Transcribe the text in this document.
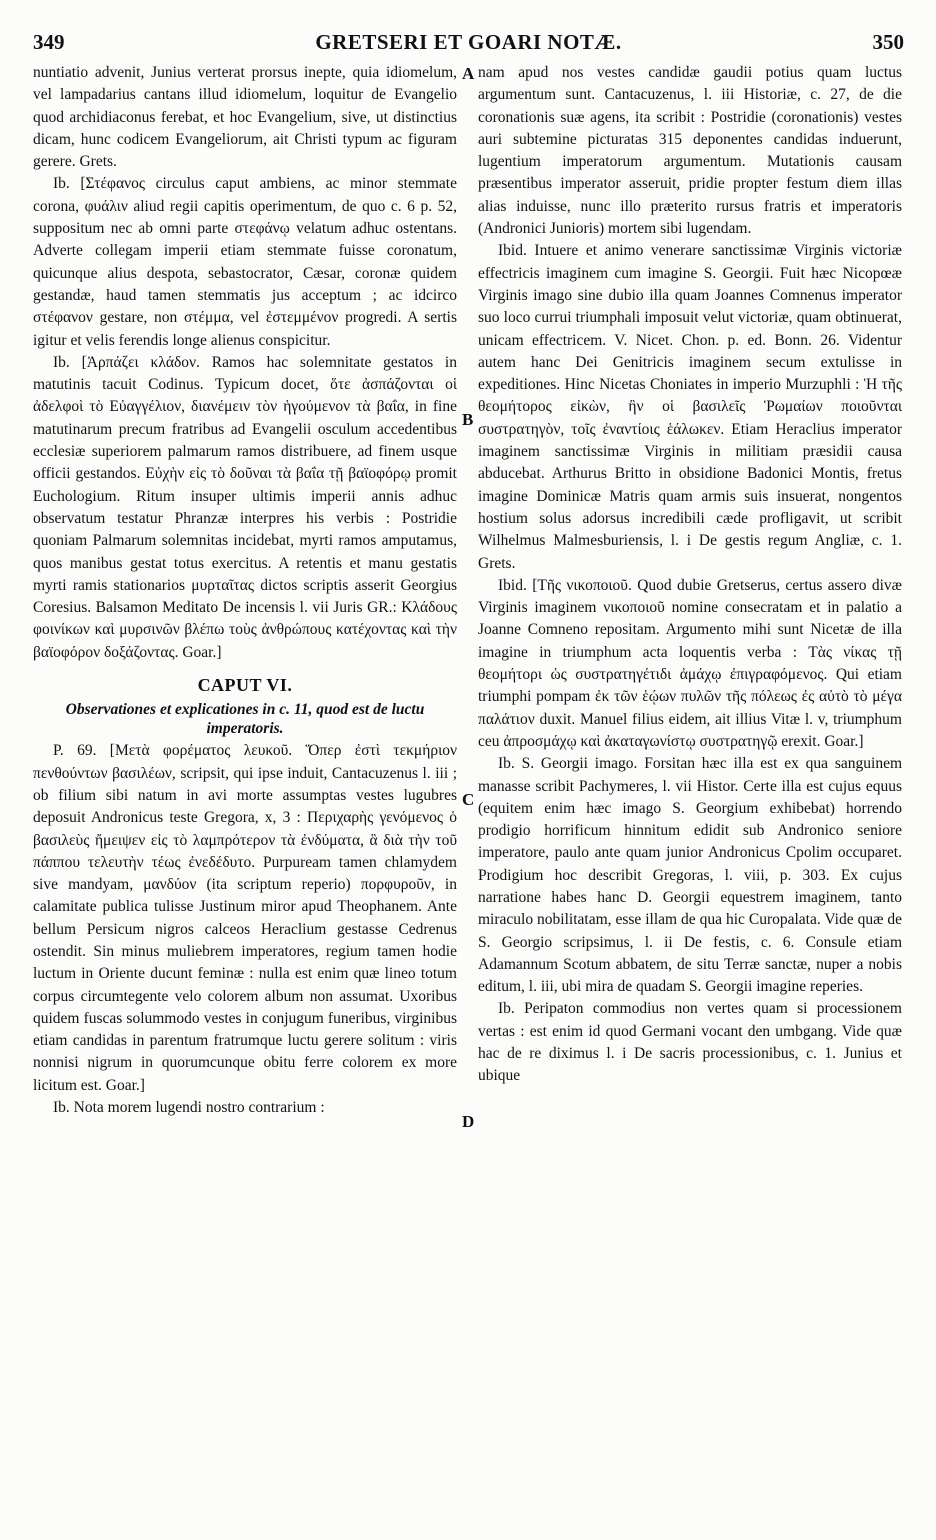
349	GRETSERI ET GOARI NOTÆ.	350

nuntiatio advenit, Junius verterat prorsus inepte, quia idiomelum, vel lampadarius cantans illud idiomelum, loquitur de Evangelio quod archidiaconus ferebat, et hoc Evangelium, sive, ut distinctius dicam, hunc codicem Evangeliorum, ait Christi typum ac figuram gerere. Grets.

Ib. [Στέφανος circulus caput ambiens, ac minor stemmate corona, φυάλιν aliud regii capitis operimentum, de quo c. 6 p. 52, suppositum nec ab omni parte στεφάνῳ velatum adhuc ostentans. Adverte collegam imperii etiam stemmate fuisse coronatum, quicunque alius despota, sebastocrator, Cæsar, coronæ quidem gestandæ, haud tamen stemmatis jus acceptum ; ac idcirco στέφανον gestare, non στέμμα, vel ἐστεμμένον progredi. A sertis igitur et velis ferendis longe alienus conspicitur.

Ib. [Ἀρπάζει κλάδον. Ramos hac solemnitate gestatos in matutinis tacuit Codinus. Typicum docet, ὅτε ἀσπάζονται οἱ ἀδελφοὶ τὸ Εὐαγγέλιον, διανέμειν τὸν ἡγούμενον τὰ βαΐα, in fine matutinarum precum fratribus ad Evangelii osculum accedentibus ecclesiæ superiorem palmarum ramos distribuere, ad finem usque officii gestandos. Εὐχὴν εἰς τὸ δοῦναι τὰ βαΐα τῇ βαϊοφόρῳ promit Euchologium. Ritum insuper ultimis imperii annis adhuc observatum testatur Phranzæ interpres his verbis : Postridie quoniam Palmarum solemnitas incidebat, myrti ramos amputamus, quos manibus gestat totus exercitus. A retentis et manu gestatis myrti ramis stationarios μυρταῖτας dictos scriptis asserit Georgius Coresius. Balsamon Meditato De incensis l. vii Juris GR.: Κλάδους φοινίκων καὶ μυρσινῶν βλέπω τοὺς ἀνθρώπους κατέχοντας καὶ τὴν βαϊοφόρον δοξάζοντας. Goar.]

CAPUT VI.
Observationes et explicationes in c. 11, quod est de luctu imperatoris.

P. 69. [Μετὰ φορέματος λευκοῦ. Ὅπερ ἐστὶ τεκμήριον πενθούντων βασιλέων, scripsit, qui ipse induit, Cantacuzenus l. iii ; ob filium sibi natum in avi morte assumptas vestes lugubres deposuit Andronicus teste Gregora, x, 3 : Περιχαρὴς γενόμενος ὁ βασιλεὺς ἤμειψεν εἰς τὸ λαμπρότερον τὰ ἐνδύματα, ἃ διὰ τὴν τοῦ πάππου τελευτὴν τέως ἐνεδέδυτο. Purpuream tamen chlamydem sive mandyam, μανδύον (ita scriptum reperio) πορφυροῦν, in calamitate publica tulisse Justinum miror apud Theophanem. Ante bellum Persicum nigros calceos Heraclium gestasse Cedrenus ostendit. Sin minus muliebrem imperatores, regium tamen hodie luctum in Oriente ducunt feminæ : nulla est enim quæ lineo totum corpus circumtegente velo colorem album non assumat. Uxoribus quidem fuscas solummodo vestes in conjugum funeribus, virginibus etiam candidas in parentum fratrumque luctu gerere solitum : viris nonnisi nigrum in quorumcunque obitu ferre colorem ex more licitum est. Goar.]

Ib. Nota morem lugendi nostro contrarium :

A
B
C
D

nam apud nos vestes candidæ gaudii potius quam luctus argumentum sunt. Cantacuzenus, l. iii Historiæ, c. 27, de die coronationis suæ agens, ita scribit : Postridie (coronationis) vestes auri subtemine picturatas 315 deponentes candidas induerunt, lugentium imperatorum argumentum. Mutationis causam præsentibus imperator asseruit, pridie propter festum diem illas alias induisse, nunc illo præterito rursus fratris et imperatoris (Andronici Junioris) mortem sibi lugendam.

Ibid. Intuere et animo venerare sanctissimæ Virginis victoriæ effectricis imaginem cum imagine S. Georgii. Fuit hæc Nicopœæ Virginis imago sine dubio illa quam Joannes Comnenus imperator suo loco currui triumphali imposuit velut victoriæ, quam obtinuerat, unicam effectricem. V. Nicet. Chon. p. ed. Bonn. 26. Videntur autem hanc Dei Genitricis imaginem secum extulisse in expeditiones. Hinc Nicetas Choniates in imperio Murzuphli : Ἡ τῆς θεομήτορος εἰκὼν, ἣν οἱ βασιλεῖς Ῥωμαίων ποιοῦνται συστρατηγὸν, τοῖς ἐναντίοις ἑάλωκεν. Etiam Heraclius imperator imaginem sanctissimæ Virginis in militiam præsidii causa abducebat. Arthurus Britto in obsidione Badonici Montis, fretus imagine Dominicæ Matris quam armis suis insuerat, nongentos hostium solus adorsus incredibili cæde profligavit, ut scribit Wilhelmus Malmesburiensis, l. i De gestis regum Angliæ, c. 1. Grets.

Ibid. [Τῆς νικοποιοῦ. Quod dubie Gretserus, certus assero divæ Virginis imaginem νικοποιοῦ nomine consecratam et in palatio a Joanne Comneno repositam. Argumento mihi sunt Nicetæ de illa imagine in triumphum acta loquentis verba : Τὰς νίκας τῇ θεομήτορι ὡς συστρατηγέτιδι ἀμάχῳ ἐπιγραφόμενος. Qui etiam triumphi pompam ἐκ τῶν ἑῴων πυλῶν τῆς πόλεως ἐς αὐτὸ τὸ μέγα παλάτιον duxit. Manuel filius eidem, ait illius Vitæ l. v, triumphum ceu ἀπροσμάχῳ καὶ ἀκαταγωνίστῳ συστρατηγῷ erexit. Goar.]

Ib. S. Georgii imago. Forsitan hæc illa est ex qua sanguinem manasse scribit Pachymeres, l. vii Histor. Certe illa est cujus equus (equitem enim hæc imago S. Georgium exhibebat) horrendo prodigio horrificum hinnitum edidit sub Andronico seniore imperatore, paulo ante quam junior Andronicus Cpolim occuparet. Prodigium hoc describit Gregoras, l. viii, p. 303. Ex cujus narratione habes hanc D. Georgii equestrem imaginem, tanto miraculo nobilitatam, esse illam de qua hic Curopalata. Vide quæ de S. Georgio scripsimus, l. ii De festis, c. 6. Consule etiam Adamannum Scotum abbatem, de situ Terræ sanctæ, nuper a nobis editum, l. iii, ubi mira de quadam S. Georgii imagine reperies.

Ib. Peripaton commodius non vertes quam si processionem vertas : est enim id quod Germani vocant den umbgang. Vide quæ hac de re diximus l. i De sacris processionibus, c. 1. Junius et ubique
